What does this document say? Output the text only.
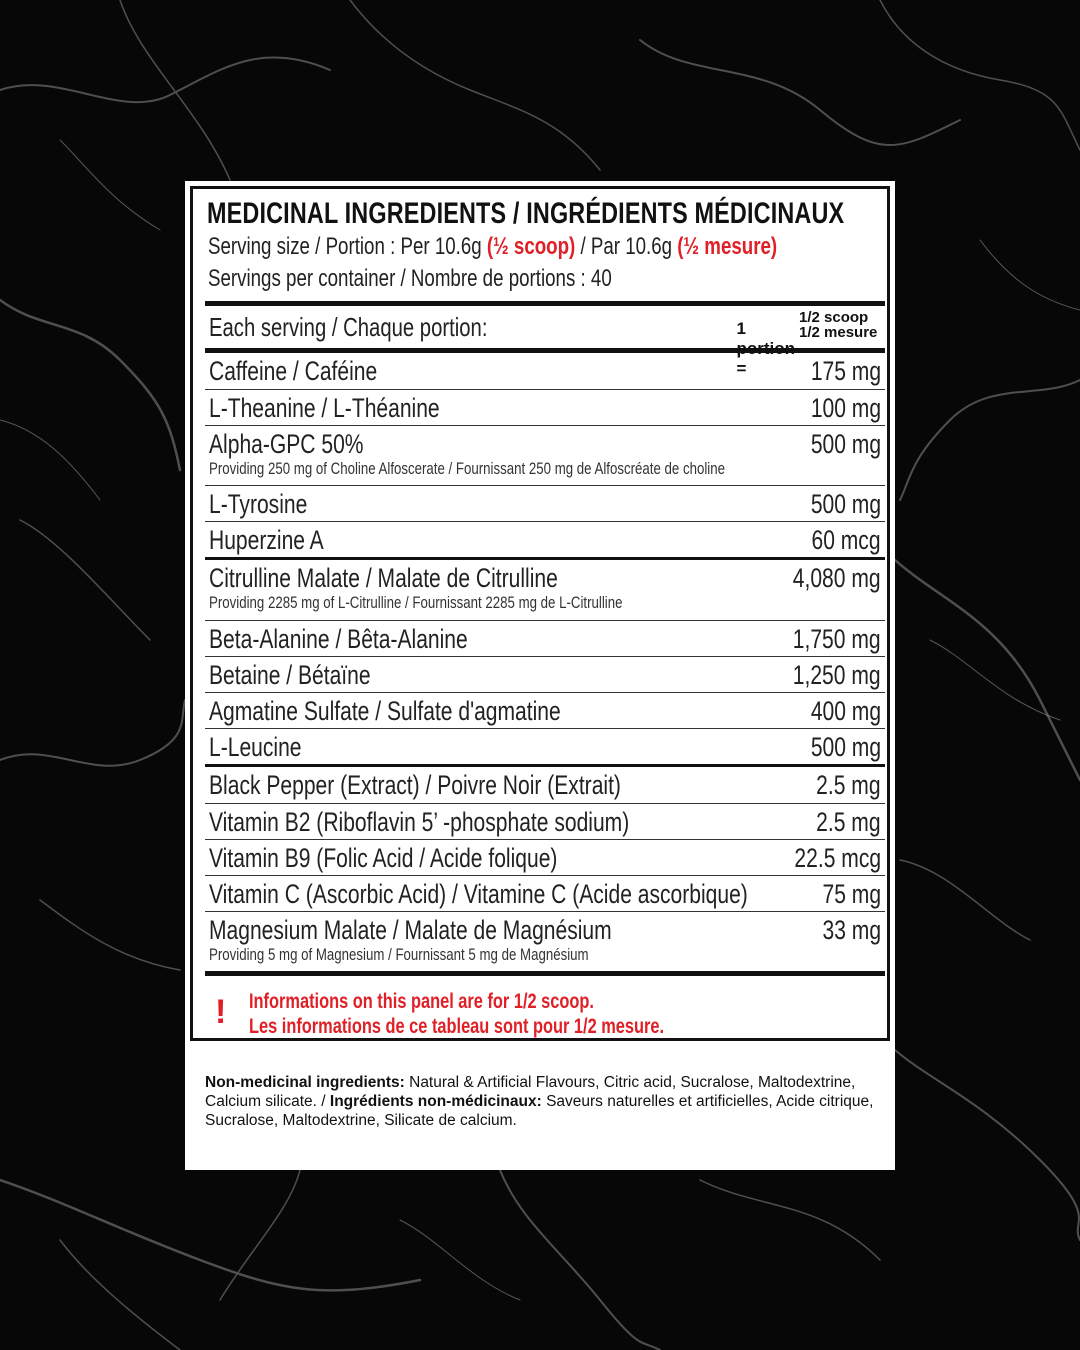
MEDICINAL INGREDIENTS / INGRÉDIENTS MÉDICINAUX
Serving size / Portion : Per 10.6g (½ scoop) / Par 10.6g (½ mesure)
Servings per container / Nombre de portions : 40
Each serving / Chaque portion:	1 portion =
1/2 scoop
1/2 mesure
Caffeine / Caféine	175 mg
L-Theanine / L-Théanine	100 mg
Alpha-GPC 50%	500 mg
Providing 250 mg of Choline Alfoscerate / Fournissant 250 mg de Alfoscréate de choline
L-Tyrosine	500 mg
Huperzine A	60 mcg
Citrulline Malate / Malate de Citrulline	4,080 mg
Providing 2285 mg of L-Citrulline / Fournissant 2285 mg de L-Citrulline
Beta-Alanine / Bêta-Alanine	1,750 mg
Betaine / Bétaïne	1,250 mg
Agmatine Sulfate / Sulfate d'agmatine	400 mg
L-Leucine	500 mg
Black Pepper (Extract) / Poivre Noir (Extrait)	2.5 mg
Vitamin B2 (Riboflavin 5’ -phosphate sodium)	2.5 mg
Vitamin B9 (Folic Acid / Acide folique)	22.5 mcg
Vitamin C (Ascorbic Acid) / Vitamine C (Acide ascorbique)	75 mg
Magnesium Malate / Malate de Magnésium	33 mg
Providing 5 mg of Magnesium / Fournissant 5 mg de Magnésium
! Informations on this panel are for 1/2 scoop.
Les informations de ce tableau sont pour 1/2 mesure.
Non-medicinal ingredients: Natural & Artificial Flavours, Citric acid, Sucralose, Maltodextrine, Calcium silicate. / Ingrédients non-médicinaux: Saveurs naturelles et artificielles, Acide citrique, Sucralose, Maltodextrine, Silicate de calcium.
